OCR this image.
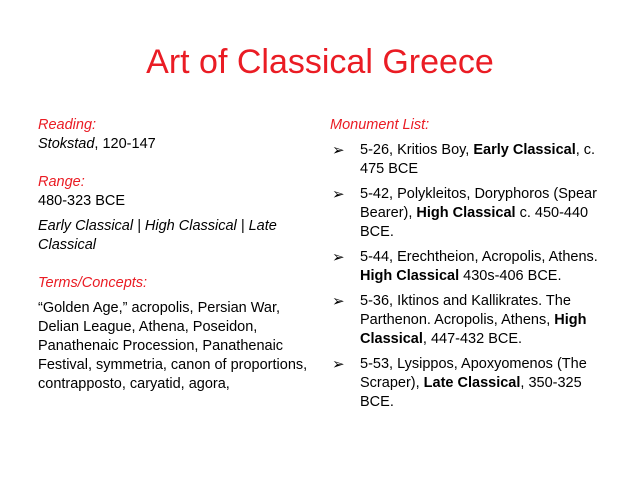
Art of Classical Greece
Reading:
Stokstad, 120-147
Range:
480-323 BCE
Early Classical | High Classical | Late Classical
Terms/Concepts:
“Golden Age,” acropolis, Persian War, Delian League, Athena, Poseidon, Panathenaic Procession, Panathenaic Festival, symmetria, canon of proportions, contrapposto, caryatid, agora,
Monument List:
➢ 5-26, Kritios Boy, Early Classical, c. 475 BCE
➢ 5-42, Polykleitos, Doryphoros (Spear Bearer), High Classical c. 450-440 BCE.
➢ 5-44, Erechtheion, Acropolis, Athens. High Classical 430s-406 BCE.
➢ 5-36, Iktinos and Kallikrates. The Parthenon. Acropolis, Athens, High Classical, 447-432 BCE.
➢ 5-53, Lysippos, Apoxyomenos (The Scraper), Late Classical, 350-325 BCE.
